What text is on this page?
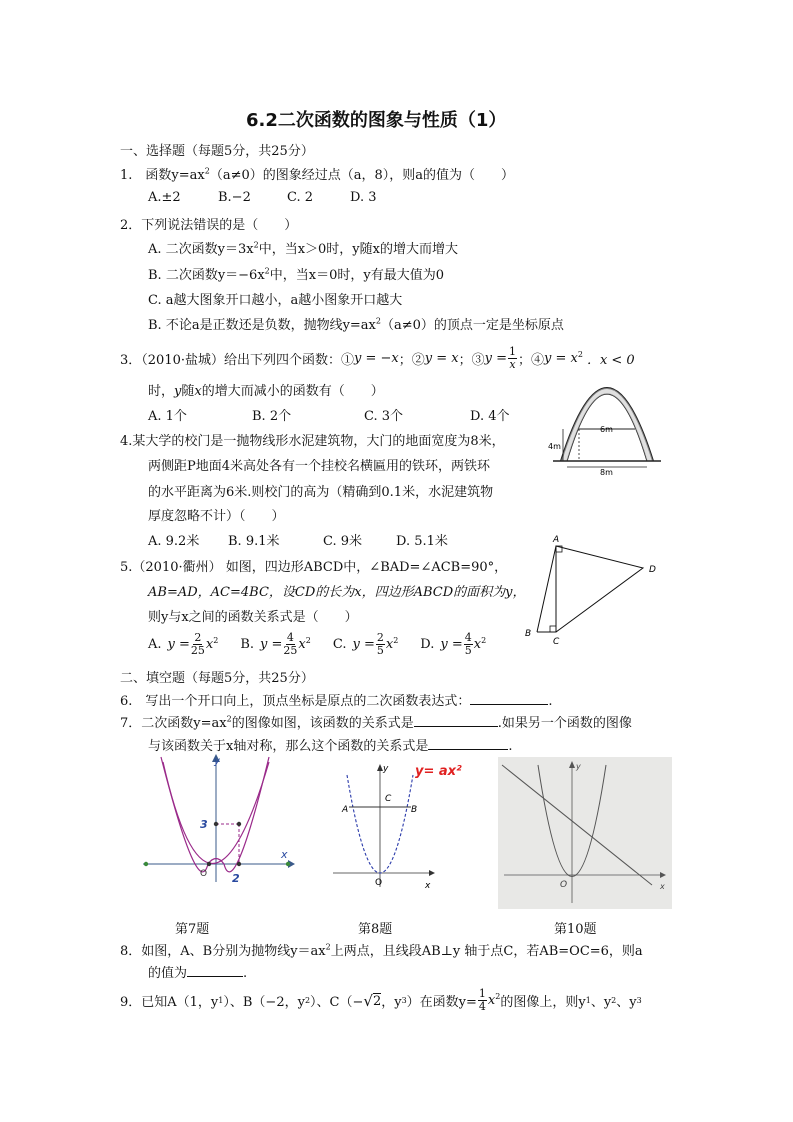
6.2二次函数的图象与性质（1）
一、选择题（每题5分，共25分）
1.　函数$y=ax^2(a\ne 0)$的图象经过点（a，8），则a的值为（　　）
A.±2	B.−2	C. 2	D. 3
2．下列说法错误的是（　　）
A. 二次函数$y=3x^2$中，当x＞0时，y随x的增大而增大
B. 二次函数$y=-6x^2$中，当x＝0时，y有最大值为0
C. a越大图象开口越小，a越小图象开口越大
B. 不论a是正数还是负数，抛物线$y=ax^2(a\ne 0)$的顶点一定是坐标原点
3．（2010·盐城）给出下列四个函数：① y = −x ；② y = x ；③ $y = \frac{1}{x}$ ；④ $y = x^2$ ．x < 0
时，y随x的增大而减小的函数有（　　）
A. 1个	B. 2个	C. 3个	D. 4个
6m
4m
8m
4.某大学的校门是一抛物线形水泥建筑物，大门的地面宽度为8米，
两侧距P地面4米高处各有一个挂校名横匾用的铁环，两铁环
的水平距离为6米.则校门的高为（精确到0.1米，水泥建筑物
厚度忽略不计）（　　）
A. 9.2米 B. 9.1米	C. 9米	D. 5.1米	A
B
C
D
5.（2010·衢州） 如图，四边形ABCD中，∠BAD=∠ACB=90°，
AB=AD，AC=4BC，设CD的长为x，四边形ABCD的面积为y，
则y与x之间的函数关系式是（　　）
A. $y = \frac{2}{25} x^2$ B. $y = \frac{4}{25} x^2$ C. $y = \frac{2}{5} x^2$ D. $y = \frac{4}{5} x^2$
二、填空题（每题5分，共25分）
6.　写出一个开口向上，顶点坐标是原点的二次函数表达式：	.
7．二次函数$y=ax^2$的图像如图，该函数的关系式是	.如果另一个函数的图像
与该函数关于x轴对称，那么这个函数的关系式是	.
y
x
O
3
2
第7题
y
x
O
y= ax²
A	B
C
第8题
y
x
O
第10题
8．如图，A、B分别为抛物线$y=ax^2$上两点，且线段AB⊥y 轴于点C，若AB=OC=6，则a
的值为	.
9．已知A（1，y 1 ）、B（−2，y 2 ）、C（− √ 2 ，y 3 ）在函数$y= \frac{1}{4} x^2$ 的图像上，则y 1 、y 2 、y 3
